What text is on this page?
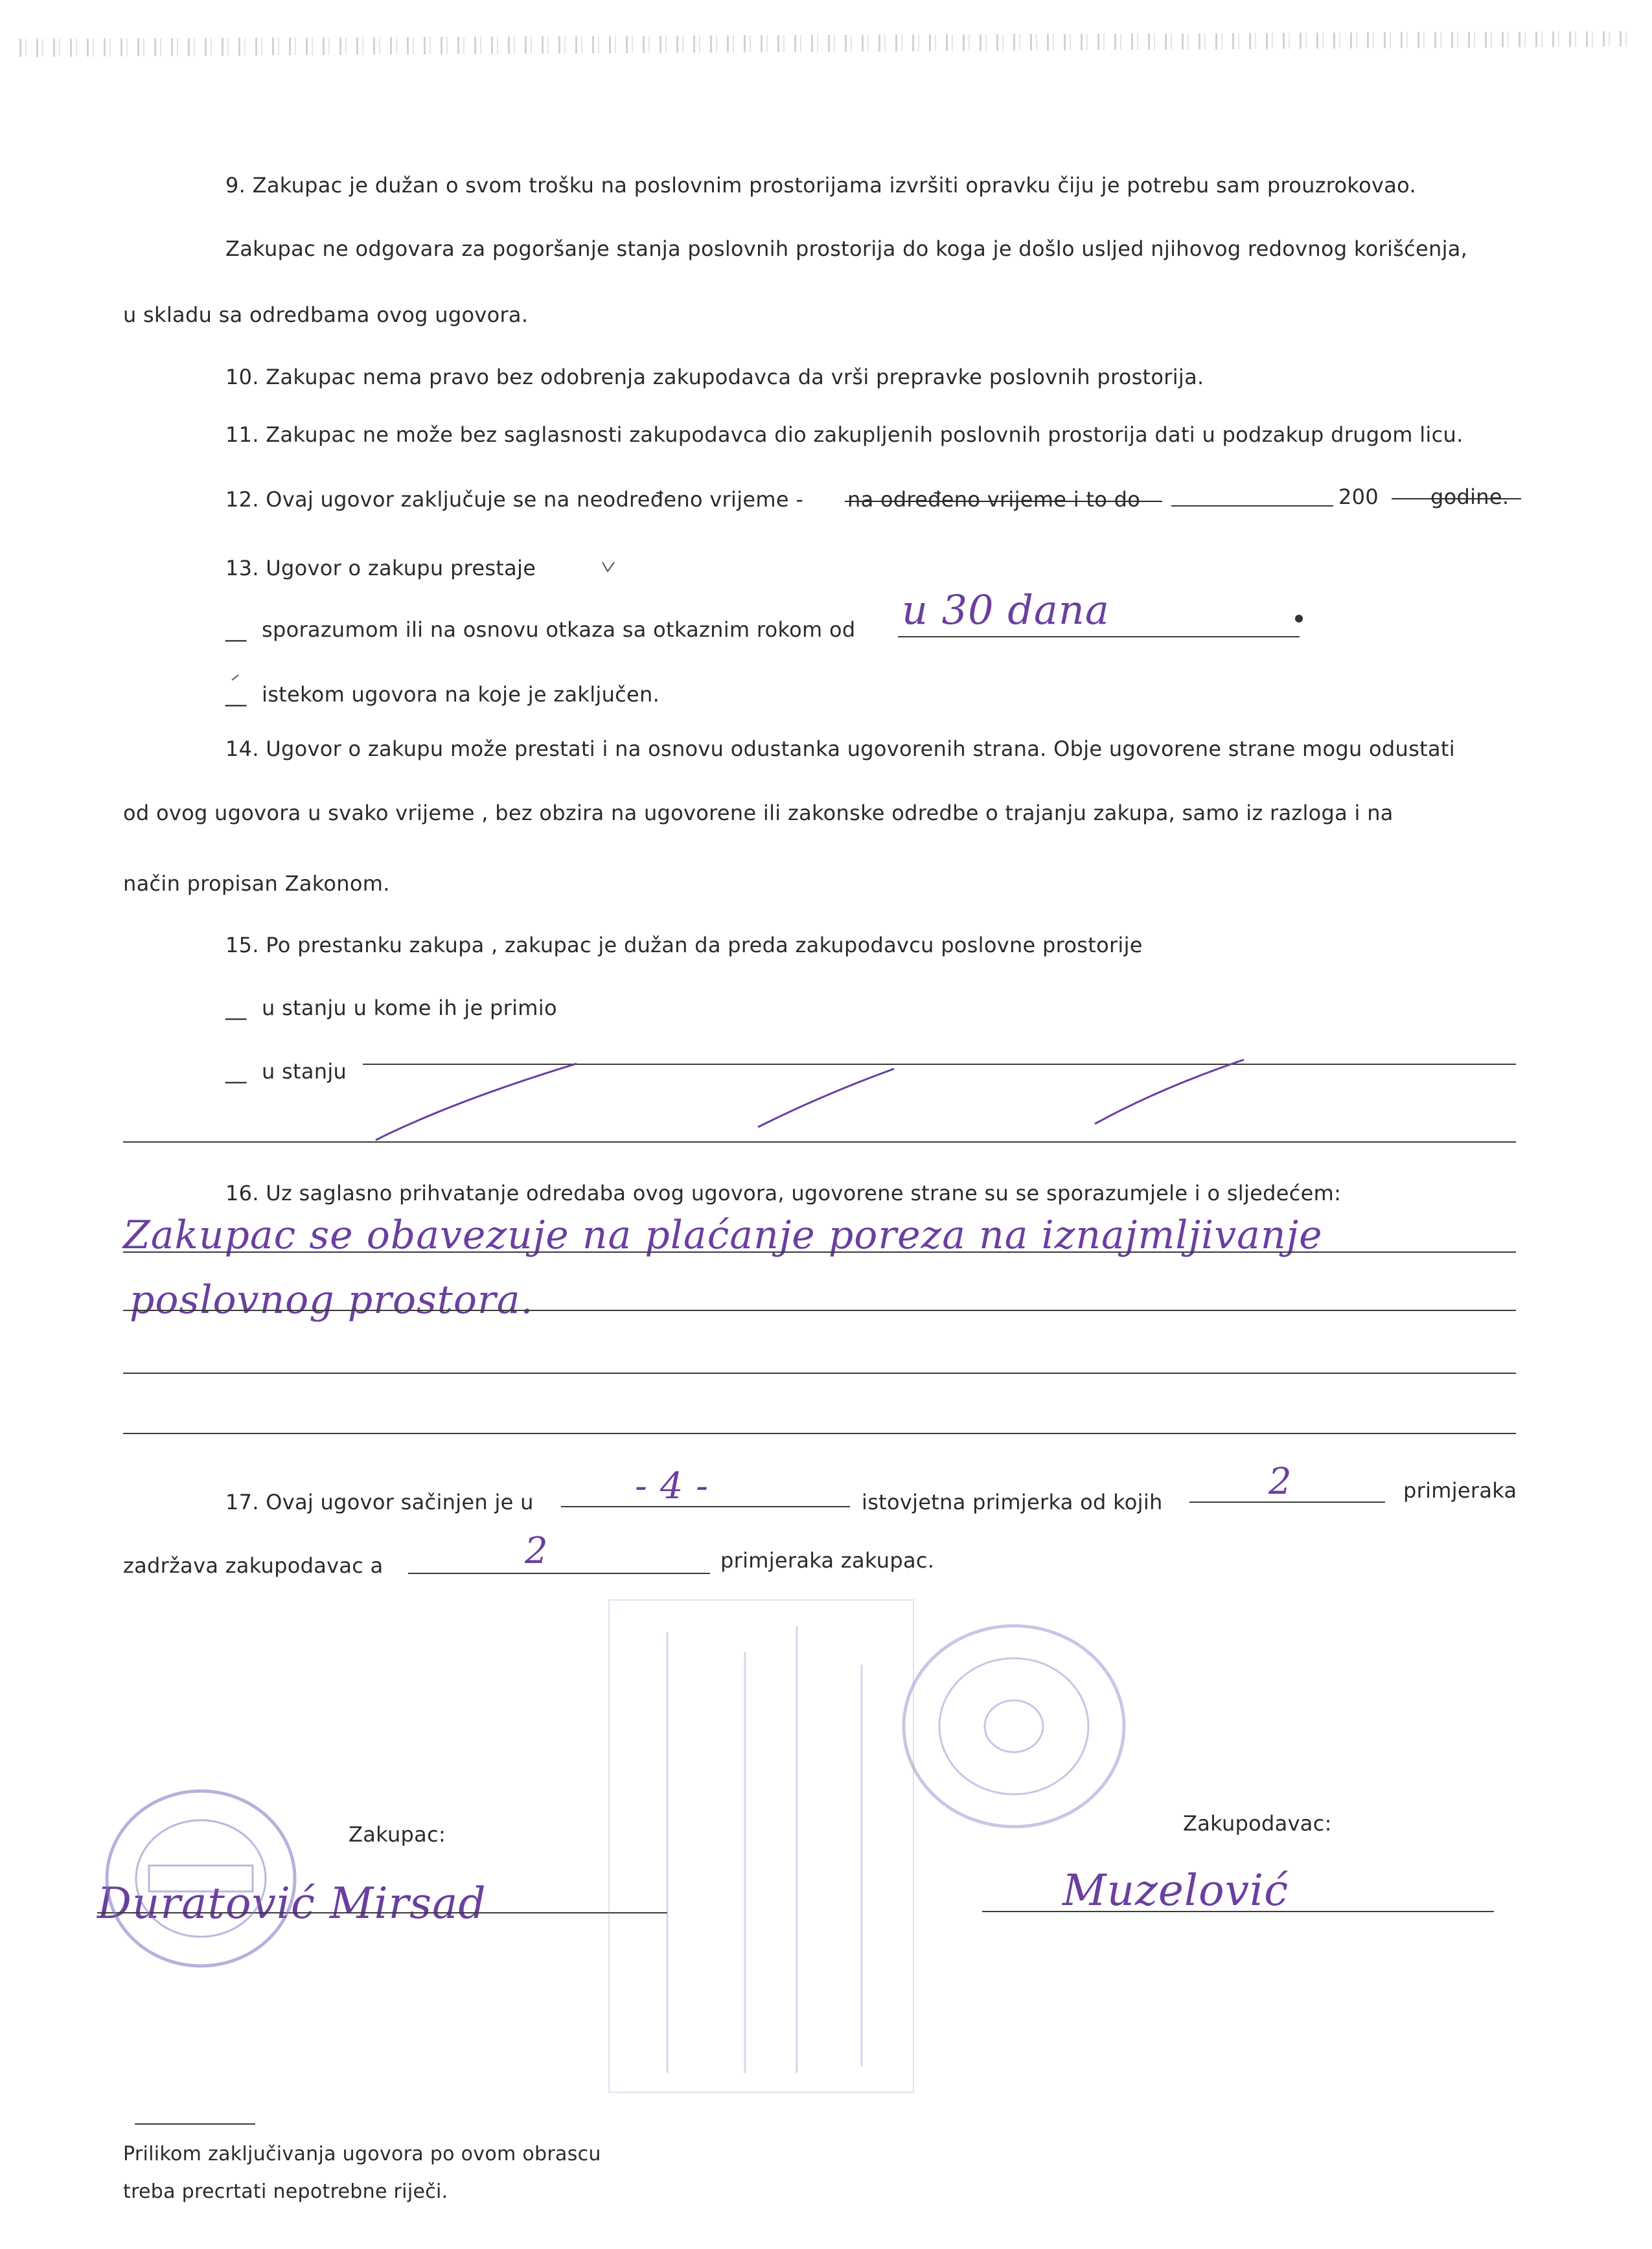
9. Zakupac je dužan o svom trošku na poslovnim prostorijama izvršiti opravku čiju je potrebu sam prouzrokovao.
Zakupac ne odgovara za pogoršanje stanja poslovnih prostorija do koga je došlo usljed njihovog redovnog korišćenja,
u skladu sa odredbama ovog ugovora.
10. Zakupac nema pravo bez odobrenja zakupodavca da vrši prepravke poslovnih prostorija.
11. Zakupac ne može bez saglasnosti zakupodavca dio zakupljenih poslovnih prostorija dati u podzakup drugom licu.
12. Ovaj ugovor zaključuje se na neodređeno vrijeme - na određeno vrijeme i to do	200	godine.
13. Ugovor o zakupu prestaje
__ sporazumom ili na osnovu otkaza sa otkaznim rokom od u 30 dana
__ istekom ugovora na koje je zaključen.
14. Ugovor o zakupu može prestati i na osnovu odustanka ugovorenih strana. Obje ugovorene strane mogu odustati
od ovog ugovora u svako vrijeme , bez obzira na ugovorene ili zakonske odredbe o trajanju zakupa, samo iz razloga i na
način propisan Zakonom.
15. Po prestanku zakupa , zakupac je dužan da preda zakupodavcu poslovne prostorije
__ u stanju u kome ih je primio
__ u stanju
16. Uz saglasno prihvatanje odredaba ovog ugovora, ugovorene strane su se sporazumjele i o sljedećem:
Zakupac se obavezuje na plaćanje poreza na iznajmljivanje
poslovnog prostora.
17. Ovaj ugovor sačinjen je u	- 4 -	istovjetna primjerka od kojih	2	primjeraka
zadržava zakupodavac a	2	primjeraka zakupac.
Zakupac:
Duratović Mirsad
Zakupodavac:
Muzelović
Prilikom zaključivanja ugovora po ovom obrascu
treba precrtati nepotrebne riječi.
